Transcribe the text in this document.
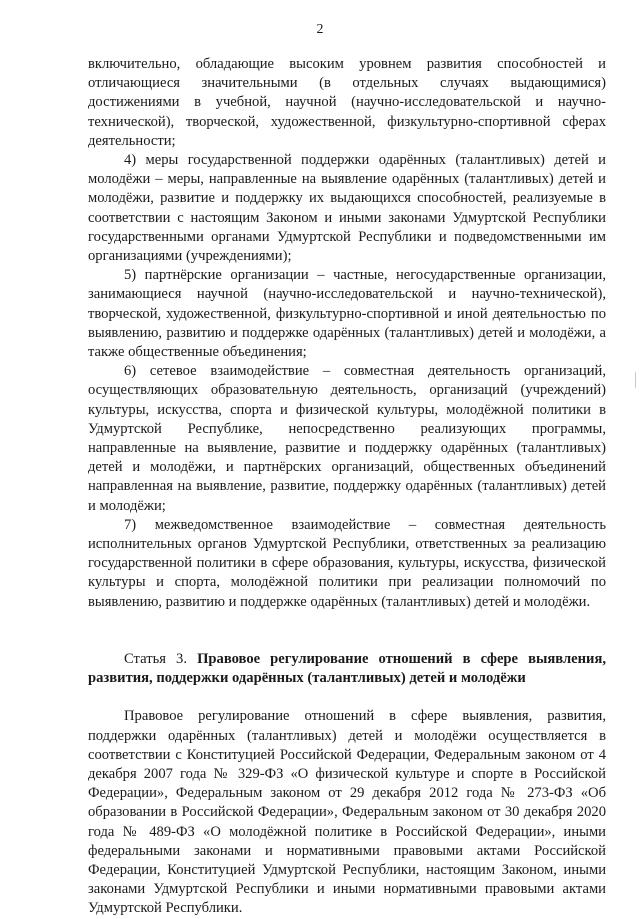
2

включительно, обладающие высоким уровнем развития способностей и отличающиеся значительными (в отдельных случаях выдающимися) достижениями в учебной, научной (научно-исследовательской и научно-технической), творческой, художественной, физкультурно-спортивной сферах деятельности;

4) меры государственной поддержки одарённых (талантливых) детей и молодёжи – меры, направленные на выявление одарённых (талантливых) детей и молодёжи, развитие и поддержку их выдающихся способностей, реализуемые в соответствии с настоящим Законом и иными законами Удмуртской Республики государственными органами Удмуртской Республики и подведомственными им организациями (учреждениями);

5) партнёрские организации – частные, негосударственные организации, занимающиеся научной (научно-исследовательской и научно-технической), творческой, художественной, физкультурно-спортивной и иной деятельностью по выявлению, развитию и поддержке одарённых (талантливых) детей и молодёжи, а также общественные объединения;

6) сетевое взаимодействие – совместная деятельность организаций, осуществляющих образовательную деятельность, организаций (учреждений) культуры, искусства, спорта и физической культуры, молодёжной политики в Удмуртской Республике, непосредственно реализующих программы, направленные на выявление, развитие и поддержку одарённых (талантливых) детей и молодёжи, и партнёрских организаций, общественных объединений направленная на выявление, развитие, поддержку одарённых (талантливых) детей и молодёжи;

7) межведомственное взаимодействие – совместная деятельность исполнительных органов Удмуртской Республики, ответственных за реализацию государственной политики в сфере образования, культуры, искусства, физической культуры и спорта, молодёжной политики при реализации полномочий по выявлению, развитию и поддержке одарённых (талантливых) детей и молодёжи.

Статья 3. Правовое регулирование отношений в сфере выявления, развития, поддержки одарённых (талантливых) детей и молодёжи

Правовое регулирование отношений в сфере выявления, развития, поддержки одарённых (талантливых) детей и молодёжи осуществляется в соответствии с Конституцией Российской Федерации, Федеральным законом от 4 декабря 2007 года № 329-ФЗ «О физической культуре и спорте в Российской Федерации», Федеральным законом от 29 декабря 2012 года № 273-ФЗ «Об образовании в Российской Федерации», Федеральным законом от 30 декабря 2020 года № 489-ФЗ «О молодёжной политике в Российской Федерации», иными федеральными законами и нормативными правовыми актами Российской Федерации, Конституцией Удмуртской Республики, настоящим Законом, иными законами Удмуртской Республики и иными нормативными правовыми актами Удмуртской Республики.
